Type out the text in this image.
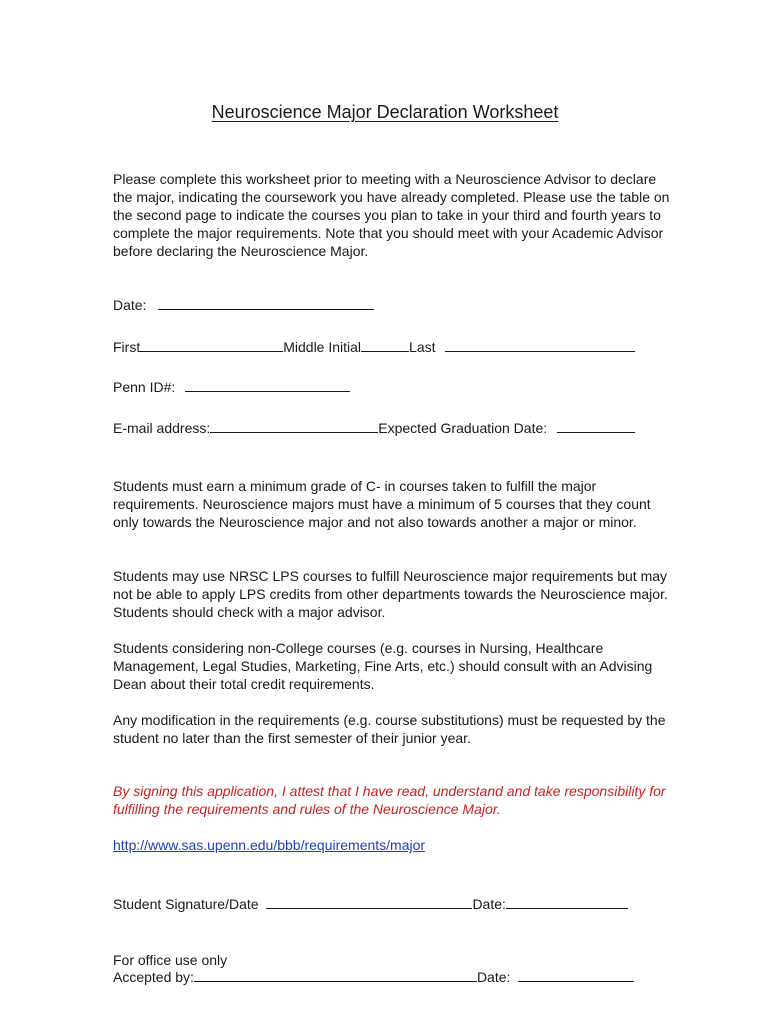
Neuroscience Major Declaration Worksheet

Please complete this worksheet prior to meeting with a Neuroscience Advisor to declare the major, indicating the coursework you have already completed. Please use the table on the second page to indicate the courses you plan to take in your third and fourth years to complete the major requirements. Note that you should meet with your Academic Advisor before declaring the Neuroscience Major.

Date:
First	Middle Initial	Last
Penn ID#:
E-mail address:	Expected Graduation Date:

Students must earn a minimum grade of C- in courses taken to fulfill the major requirements. Neuroscience majors must have a minimum of 5 courses that they count only towards the Neuroscience major and not also towards another a major or minor.

Students may use NRSC LPS courses to fulfill Neuroscience major requirements but may not be able to apply LPS credits from other departments towards the Neuroscience major. Students should check with a major advisor.

Students considering non-College courses (e.g. courses in Nursing, Healthcare Management, Legal Studies, Marketing, Fine Arts, etc.) should consult with an Advising Dean about their total credit requirements.

Any modification in the requirements (e.g. course substitutions) must be requested by the student no later than the first semester of their junior year.

By signing this application, I attest that I have read, understand and take responsibility for fulfilling the requirements and rules of the Neuroscience Major.

http://www.sas.upenn.edu/bbb/requirements/major
Student Signature/Date	Date:
For office use only
Accepted by:	Date:
